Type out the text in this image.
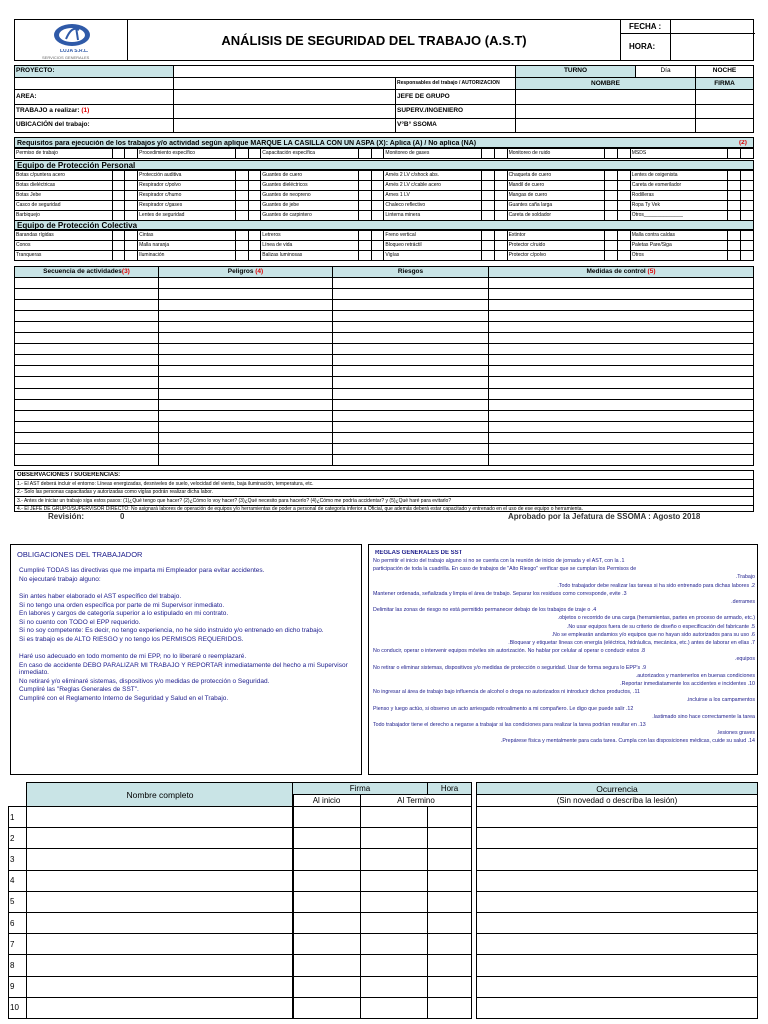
LUJA S.R.L.
SERVICIOS GENERALES
ANÁLISIS DE SEGURIDAD DEL TRABAJO (A.S.T)
FECHA :
HORA:
PROYECTO:			TURNO	Día	NOCHE
		Responsables del trabajo / AUTORIZACION	NOMBRE		FIRMA
AREA:		JEFE DE GRUPO			
TRABAJO a realizar: (1)		SUPERV./INGENIERO			
UBICACIÓN del trabajo:		V°B° SSOMA			
Requisitos para ejecución de los trabajos y/o actividad según aplique MARQUE LA CASILLA CON UN ASPA (X): Aplica (A) / No aplica (NA)	(2)
Permiso de trabajo			Procedimiento específico			Capacitación específica			Monitoreo de gases			Monitoreo de ruido			MSDS		
Equipo de Protección Personal
Botas c/puntera acero			Protección auditiva			Guantes de cuero			Arnés 2 LV c/shock abs.			Chaqueta de cuero			Lentes de oxigenista		
Botas dieléctricas			Respirador c/polvo			Guantes dieléctricos			Arnés 2 LV c/cable acero			Mandil de cuero			Careta de esmerilador		
Botas Jebe			Respirador c/humo			Guantes de neopreno			Arnes 1 LV			Mangas de cuero			Rodilleras		
Casco de seguridad			Respirador c/gases			Guantes de jebe			Chaleco reflectivo			Guantes caña larga			Ropa Ty Vek		
Barbiquejo			Lentes de seguridad			Guantes de carpintero			Linterna minera			Careta de soldador			Otros______________		
Equipo de Protección Colectiva
Barandas rígidas			Cintas			Letreros			Freno vertical			Extintor			Malla contra caídas		
Conos			Malla naranja			Línea de vida			Bloqueo retráctil			Protector c/ruido			Paletas Pare/Siga		
Tranqueras			Iluminación			Balizas luminosas			Vigías			Protector c/polvo			Otros		
Secuencia de actividades(3)	Peligros (4)	Riesgos	Medidas de control (5)

OBSERVACIONES / SUGERENCIAS:
1.- El AST deberá incluir el entorno: Líneas energizadas, desniveles de suelo, velocidad del viento, baja iluminación, temperatura, etc.
2.- Solo las personas capacitadas y autorizadas como vigías podrán realizar dicha labor.
3.- Antes de iniciar un trabajo siga estos pasos: (1)¿Qué tengo que hacer? (2)¿Cómo lo voy hacer? (3)¿Qué necesito para hacerlo? (4)¿Cómo me podría accidentar? y (5)¿Qué haré para evitarlo?
4.- El JEFE DE GRUPO/SUPERVISOR DIRECTO: No asignará labores de operación de equipos y/o herramientas de poder a personal de categoría inferior a Oficial, que además deberá estar capacitado y entrenado en el uso de ese equipo o herramienta.
Revisión:	0	Aprobado por la Jefatura de SSOMA : Agosto 2018
OBLIGACIONES DEL TRABAJADOR
Cumpliré TODAS las directivas que me imparta mi Empleador para evitar accidentes.
No ejecutaré trabajo alguno:
Sin antes haber elaborado el AST específico del trabajo.
Si no tengo una orden específica por parte de mi Supervisor inmediato.
En labores y cargos de categoría superior a lo estipulado en mi contrato.
Si no cuento con TODO el EPP requerido.
Si no soy competente: Es decir, no tengo experiencia, no he sido instruido y/o entrenado en dicho trabajo.
Si es trabajo es de ALTO RIESGO y no tengo los PERMISOS REQUERIDOS.
Haré uso adecuado en todo momento de mi EPP, no lo liberaré o reemplazaré.
En caso de accidente DEBO PARALIZAR MI TRABAJO Y REPORTAR inmediatamente del hecho a mi Supervisor inmediato.
No retiraré y/o eliminaré sistemas, dispositivos y/o medidas de protección o Seguridad.
Cumpliré las "Reglas Generales de SST".
Cumpliré con el Reglamento Interno de Seguridad y Salud en el Trabajo.
REGLAS GENERALES DE SST
No permitir el inicio del trabajo alguno si no se cuenta con la reunión de inicio de jornada y el AST, con la .1
participación de toda la cuadrilla. En caso de trabajos de "Alto Riesgo" verificar que se cumplan los Permisos de
.Trabajo
.Todo trabajador debe realizar las tareas si ha sido entrenado para dichas labores .2
Mantener ordenada, señalizada y limpia el área de trabajo. Separar los residuos como corresponde, evite .3
.derrames
Delimitar las zonas de riesgo no está permitido permanecer debajo de los trabajos de izaje o .4
.objetos o recorrido de una carga (herramientas, partes en proceso de armado, etc.)
.No usar equipos fuera de su criterio de diseño o especificación del fabricante .5
.No se emplearán andamios y/o equipos que no hayan sido autorizados para su uso .6
.Bloquear y etiquetar líneas con energía (eléctrica, hidráulica, mecánica, etc.) antes de laborar en ellas .7
No conducir, operar o intervenir equipos móviles sin autorización. No hablar por celular al operar o conducir estos .8
.equipos
No retirar o eliminar sistemas, dispositivos y/o medidas de protección o seguridad. Usar de forma segura lo EPP's .9
.autorizados y mantenerlos en buenas condiciones
.Reportar inmediatamente los accidentes e incidentes .10
No ingresar al área de trabajo bajo influencia de alcohol o droga no autorizados ni introducir dichos productos, .11
.incluirse a los campamentos
Pienso y luego actúo, si observo un acto arriesgado retroalimento a mi compañero. Le digo que puede salir .12
.lastimado sino hace correctamente la tarea
Todo trabajador tiene el derecho a negarse a trabajar si las condiciones para realizar la tarea podrían resultar en .13
.lesiones graves
.Prepárese física y mentalmente para cada tarea. Cumpla con las disposiciones médicas, cuide su salud .14
	Nombre completo
1	
2	
3	
4	
5	
6	
7	
8	
9	
10	
Firma		Hora
Al inicio	Al Termino	

Ocurrencia
(Sin novedad o describa la lesión)
